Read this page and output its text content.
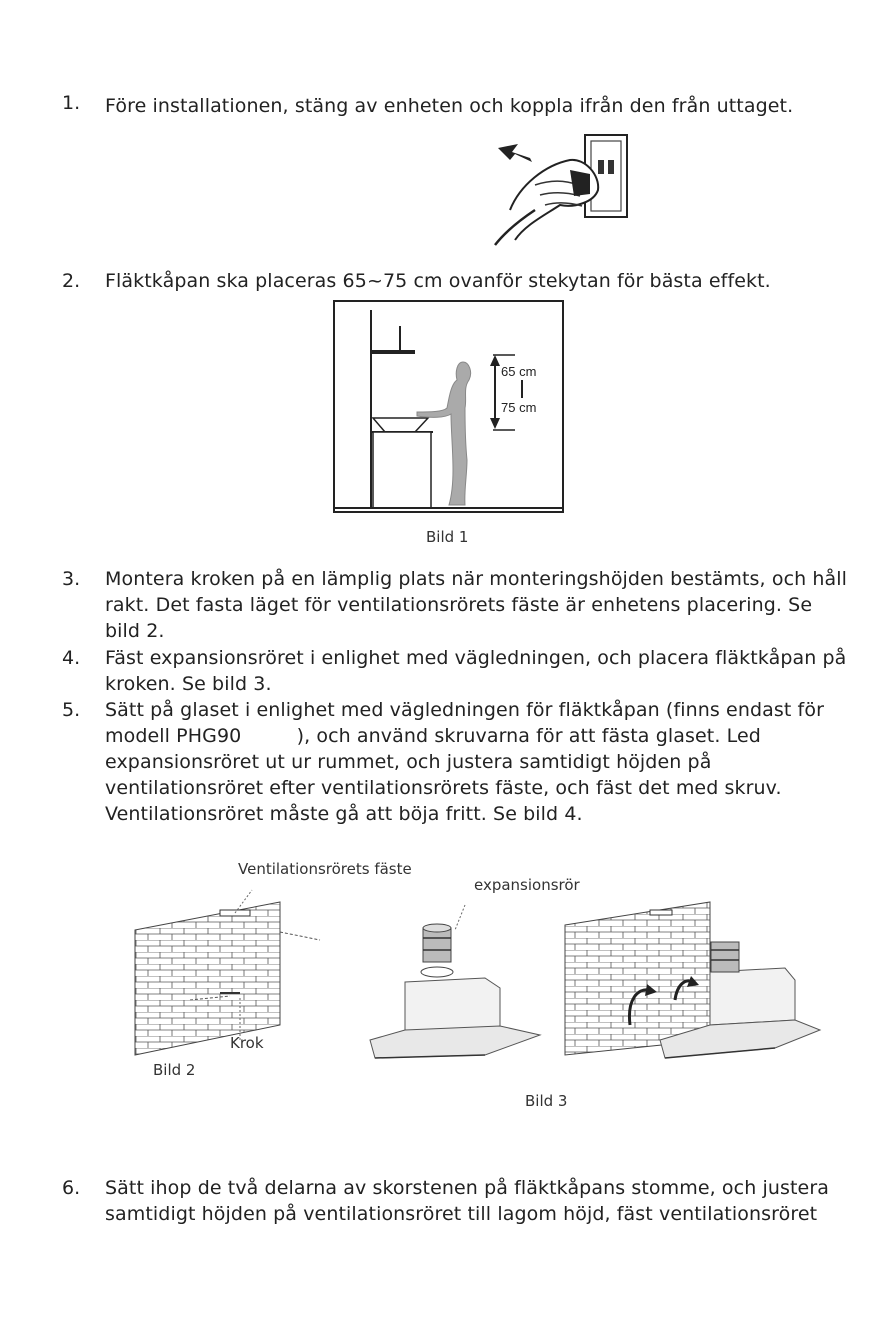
1. Före installationen, stäng av enheten och koppla ifrån den från uttaget.
2. Fläktkåpan ska placeras 65~75 cm ovanför stekytan för bästa effekt.
65 cm
75 cm
Bild 1
3. Montera kroken på en lämplig plats när monteringshöjden bestämts, och håll
rakt. Det fasta läget för ventilationsrörets fäste är enhetens placering. Se
bild 2.
4. Fäst expansionsröret i enlighet med vägledningen, och placera fläktkåpan på
kroken. Se bild 3.
5. Sätt på glaset i enlighet med vägledningen för fläktkåpan (finns endast för
modell PHG90         ), och använd skruvarna för att fästa glaset. Led
expansionsröret ut ur rummet, och justera samtidigt höjden på
ventilationsröret efter ventilationsrörets fäste, och fäst det med skruv.
Ventilationsröret måste gå att böja fritt. Se bild 4.
Ventilationsrörets fäste
Krok
Bild 2
expansionsrör
Bild 3
6. Sätt ihop de två delarna av skorstenen på fläktkåpans stomme, och justera
samtidigt höjden på ventilationsröret till lagom höjd, fäst ventilationsröret
